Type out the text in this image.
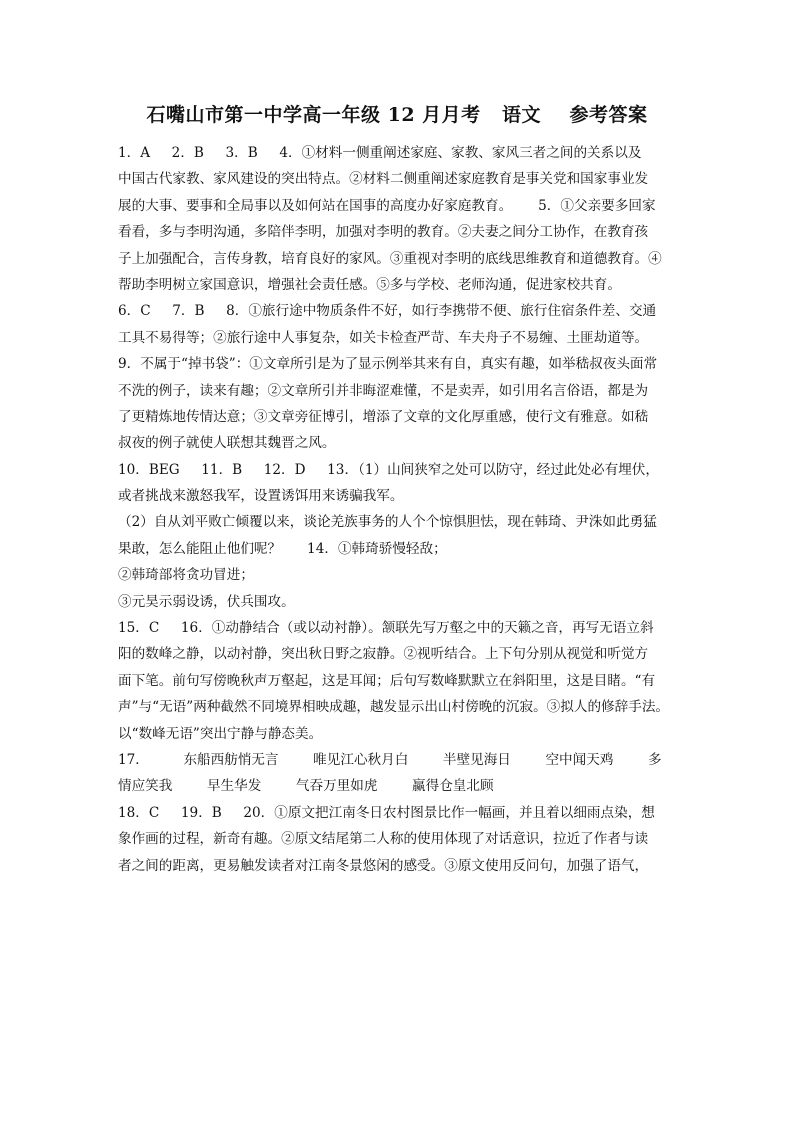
石嘴山市第一中学高一年级 12 月月考   语文    参考答案
1．A     2．B     3．B     4．①材料一侧重阐述家庭、家教、家风三者之间的关系以及
中国古代家教、家风建设的突出特点。②材料二侧重阐述家庭教育是事关党和国家事业发
展的大事、要事和全局事以及如何站在国事的高度办好家庭教育。      5．①父亲要多回家
看看，多与李明沟通，多陪伴李明，加强对李明的教育。②夫妻之间分工协作，在教育孩
子上加强配合，言传身教，培育良好的家风。③重视对李明的底线思维教育和道德教育。④
帮助李明树立家国意识，增强社会责任感。⑤多与学校、老师沟通，促进家校共育。
6．C     7．B     8．①旅行途中物质条件不好，如行李携带不便、旅行住宿条件差、交通
工具不易得等；②旅行途中人事复杂，如关卡检查严苛、车夫舟子不易缠、土匪劫道等。
9．不属于“掉书袋”：①文章所引是为了显示例举其来有自，真实有趣，如举嵇叔夜头面常
不洗的例子，读来有趣；②文章所引并非晦涩难懂，不是卖弄，如引用名言俗语，都是为
了更精炼地传情达意；③文章旁征博引，增添了文章的文化厚重感，使行文有雅意。如嵇
叔夜的例子就使人联想其魏晋之风。
10．BEG     11．B     12．D     13．（1）山间狭窄之处可以防守，经过此处必有埋伏，
或者挑战来激怒我军，设置诱饵用来诱骗我军。
（2）自从刘平败亡倾覆以来，谈论羌族事务的人个个惊惧胆怯，现在韩琦、尹洙如此勇猛
果敢，怎么能阻止他们呢？      14．①韩琦骄慢轻敌；
②韩琦部将贪功冒进；
③元昊示弱设诱，伏兵围攻。
15．C     16．①动静结合（或以动衬静）。颔联先写万壑之中的天籁之音，再写无语立斜
阳的数峰之静，以动衬静，突出秋日野之寂静。②视听结合。上下句分别从视觉和听觉方
面下笔。前句写傍晚秋声万壑起，这是耳闻；后句写数峰默默立在斜阳里，这是目睹。“有
声”与“无语”两种截然不同境界相映成趣，越发显示出山村傍晚的沉寂。③拟人的修辞手法。
以“数峰无语”突出宁静与静态美。
17．        东船西舫悄无言        唯见江心秋月白        半壁见海日        空中闻天鸡        多
情应笑我        早生华发        气吞万里如虎        赢得仓皇北顾
18．C     19．B     20．①原文把江南冬日农村图景比作一幅画，并且着以细雨点染，想
象作画的过程，新奇有趣。②原文结尾第二人称的使用体现了对话意识，拉近了作者与读
者之间的距离，更易触发读者对江南冬景悠闲的感受。③原文使用反问句，加强了语气，
